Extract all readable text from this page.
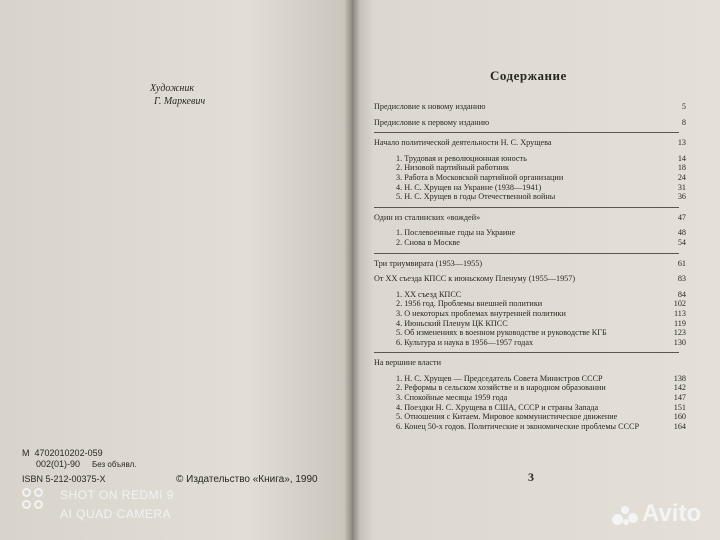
Художник
Г. Маркевич
М 4702010202-059
002(01)-90
ISBN 5-212-00375-X
Без объявл.
© Издательство «Книга», 1990
SHOT ON REDMI 9
AI QUAD CAMERA
Содержание
Предисловие к новому изданию	5
Предисловие к первому изданию	8
Начало политической деятельности Н. С. Хрущева	13
1. Трудовая и революционная юность	14
2. Низовой партийный работник	18
3. Работа в Московской партийной организации	24
4. Н. С. Хрущев на Украине (1938—1941)	31
5. Н. С. Хрущев в годы Отечественной войны	36
Один из сталинских «вождей»	47
1. Послевоенные годы на Украине	48
2. Снова в Москве	54
Три триумвирата (1953—1955)	61
От XX съезда КПСС к июньскому Пленуму (1955—1957)	83
1. XX съезд КПСС	84
2. 1956 год. Проблемы внешней политики	102
3. О некоторых проблемах внутренней политики	113
4. Июньский Пленум ЦК КПСС	119
5. Об изменениях в военном руководстве и руководстве КГБ	123
6. Культура и наука в 1956—1957 годах	130
На вершине власти
1. Н. С. Хрущев — Председатель Совета Министров СССР	138
2. Реформы в сельском хозяйстве и в народном образовании	142
3. Спокойные месяцы 1959 года	147
4. Поездки Н. С. Хрущева в США, СССР и страны Запада	151
5. Отношения с Китаем. Мировое коммунистическое движение	160
6. Конец 50-х годов. Политические и экономические проблемы СССР	164
3
Avito
